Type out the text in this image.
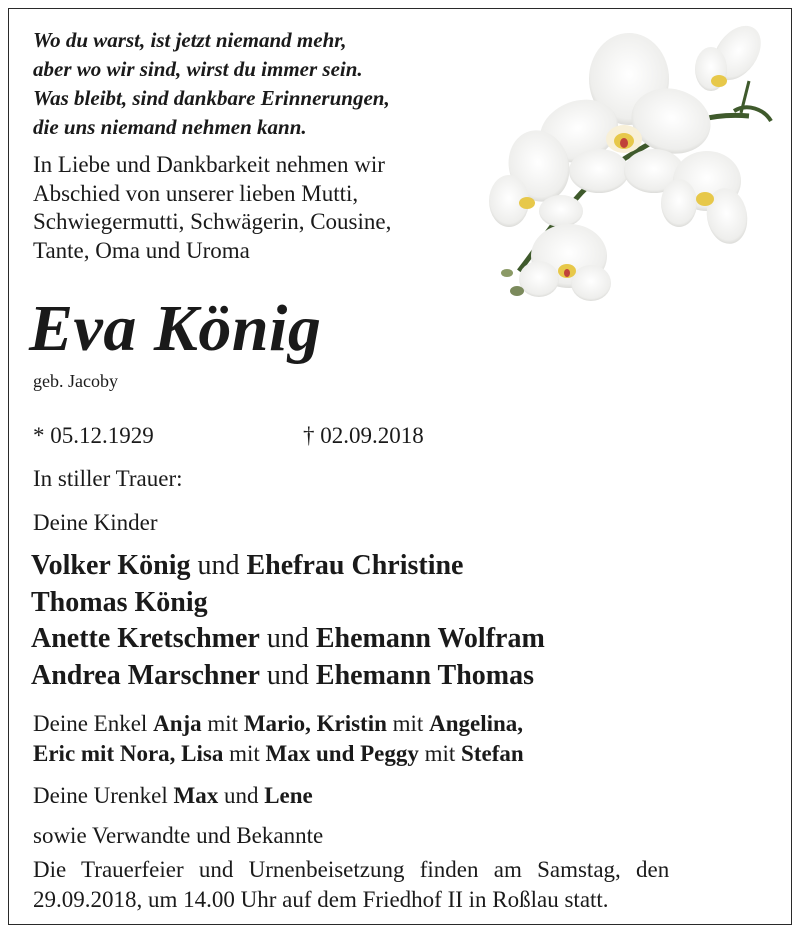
Wo du warst, ist jetzt niemand mehr,
aber wo wir sind, wirst du immer sein.
Was bleibt, sind dankbare Erinnerungen,
die uns niemand nehmen kann.
In Liebe und Dankbarkeit nehmen wir
Abschied von unserer lieben Mutti,
Schwiegermutti, Schwägerin, Cousine,
Tante, Oma und Uroma
Eva König
geb. Jacoby
* 05.12.1929	† 02.09.2018
In stiller Trauer:
Deine Kinder
Volker König und Ehefrau Christine
Thomas König
Anette Kretschmer und Ehemann Wolfram
Andrea Marschner und Ehemann Thomas
Deine Enkel Anja mit Mario, Kristin mit Angelina,
Eric mit Nora, Lisa mit Max und Peggy mit Stefan
Deine Urenkel Max und Lene
sowie Verwandte und Bekannte
Die Trauerfeier und Urnenbeisetzung finden am Samstag, den
29.09.2018, um 14.00 Uhr auf dem Friedhof II in Roßlau statt.
